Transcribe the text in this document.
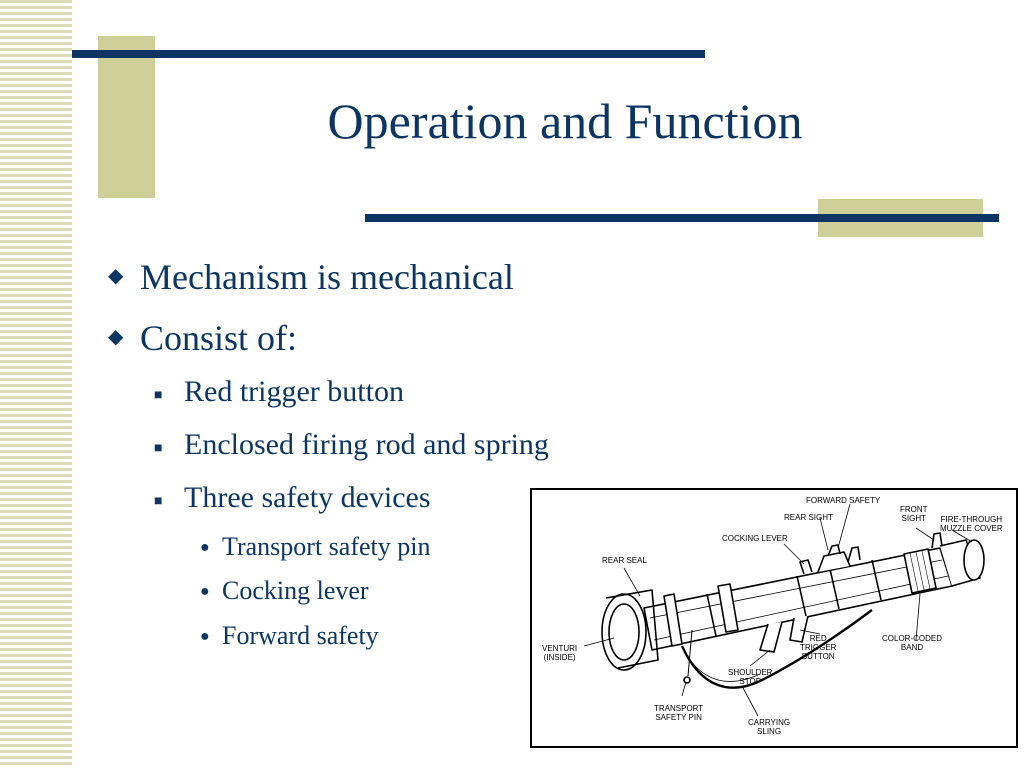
Operation and Function
◆ Mechanism is mechanical
◆ Consist of:
■ Red trigger button
■ Enclosed firing rod and spring
■ Three safety devices
● Transport safety pin
● Cocking lever
● Forward safety
FORWARD SAFETY
REAR SIGHT
FRONT
SIGHT FIRE-THROUGH
MUZZLE COVER
COCKING LEVER
REAR SEAL
VENTURI
(INSIDE)
RED
TRIGGER
BUTTON
COLOR-CODED
BAND
SHOULDER
STOP
TRANSPORT
SAFETY PIN
CARRYING
SLING
